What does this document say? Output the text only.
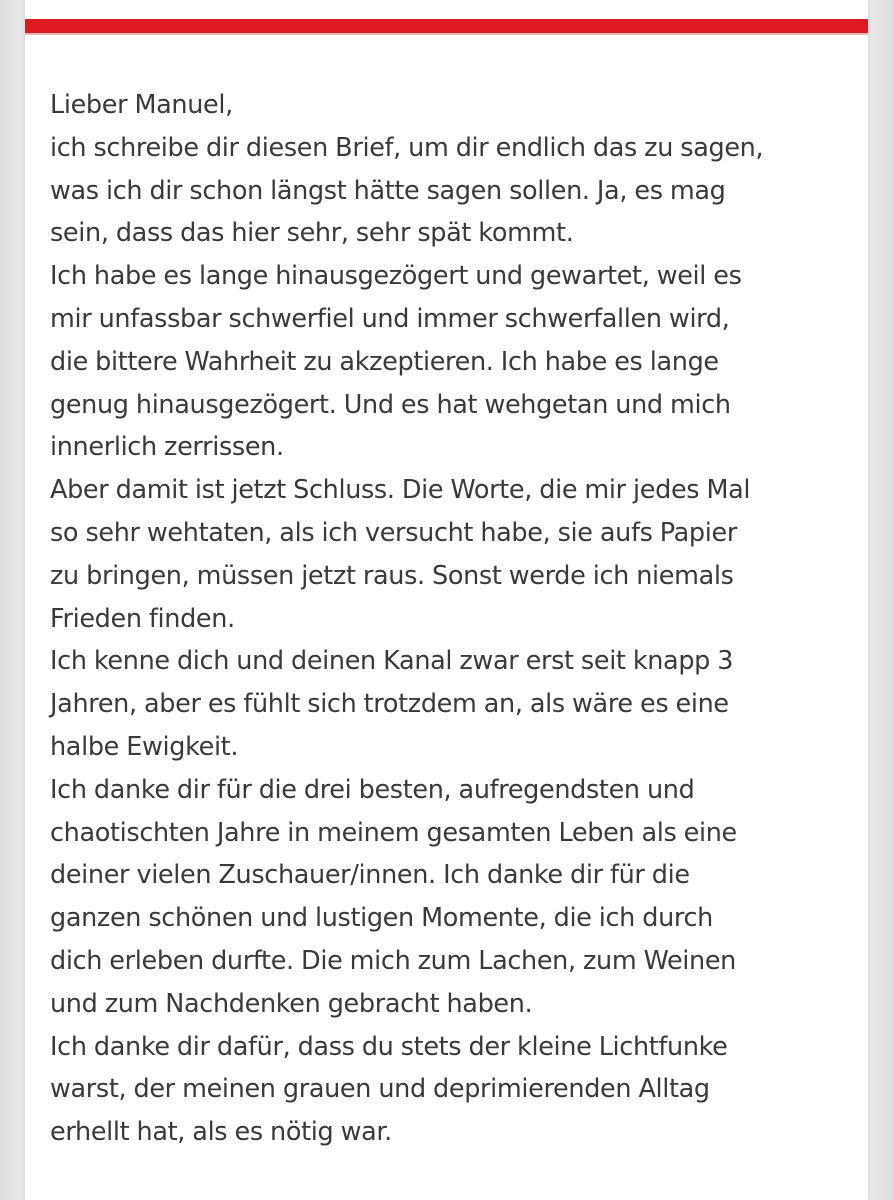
Lieber Manuel,

ich schreibe dir diesen Brief, um dir endlich das zu sagen,

was ich dir schon längst hätte sagen sollen. Ja, es mag

sein, dass das hier sehr, sehr spät kommt.

Ich habe es lange hinausgezögert und gewartet, weil es

mir unfassbar schwerfiel und immer schwerfallen wird,

die bittere Wahrheit zu akzeptieren. Ich habe es lange

genug hinausgezögert. Und es hat wehgetan und mich

innerlich zerrissen.

Aber damit ist jetzt Schluss. Die Worte, die mir jedes Mal

so sehr wehtaten, als ich versucht habe, sie aufs Papier

zu bringen, müssen jetzt raus. Sonst werde ich niemals

Frieden finden.

Ich kenne dich und deinen Kanal zwar erst seit knapp 3

Jahren, aber es fühlt sich trotzdem an, als wäre es eine

halbe Ewigkeit.

Ich danke dir für die drei besten, aufregendsten und

chaotischten Jahre in meinem gesamten Leben als eine

deiner vielen Zuschauer/innen. Ich danke dir für die

ganzen schönen und lustigen Momente, die ich durch

dich erleben durfte. Die mich zum Lachen, zum Weinen

und zum Nachdenken gebracht haben.

Ich danke dir dafür, dass du stets der kleine Lichtfunke

warst, der meinen grauen und deprimierenden Alltag

erhellt hat, als es nötig war.
